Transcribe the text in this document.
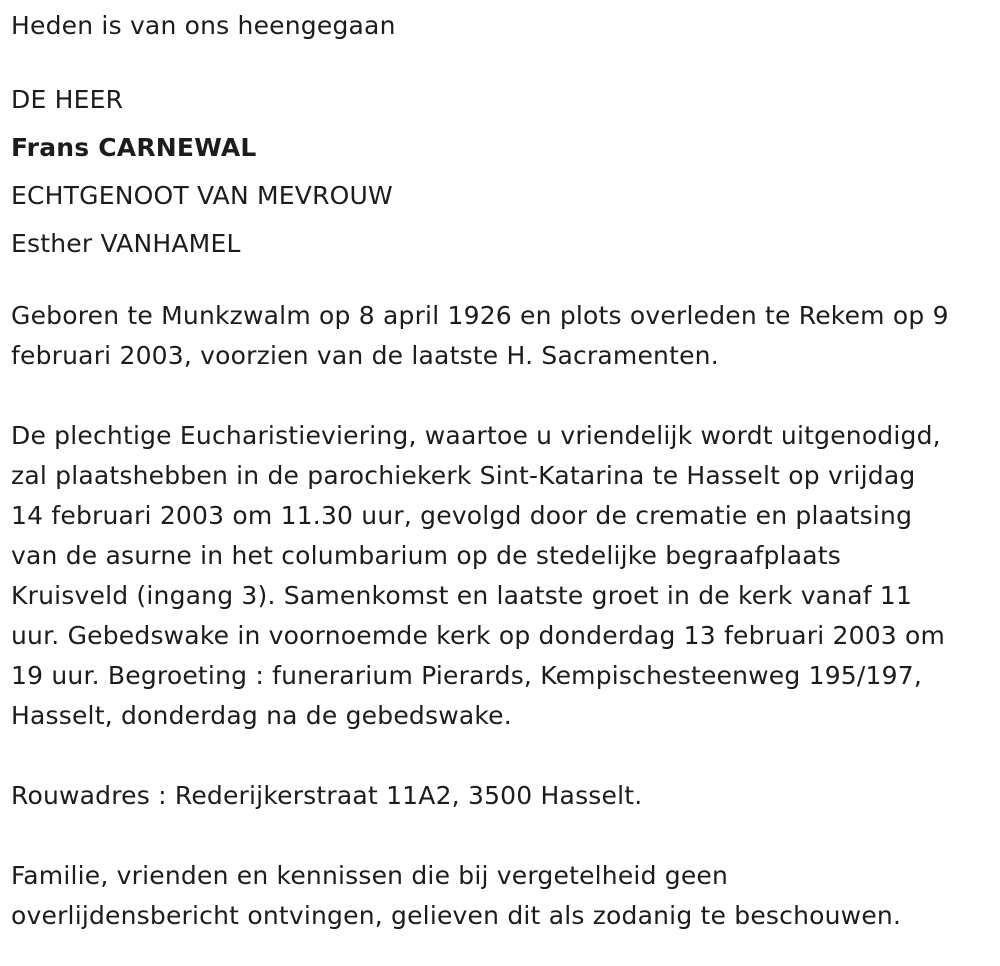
Heden is van ons heengegaan
DE HEER
Frans CARNEWAL
ECHTGENOOT VAN MEVROUW
Esther VANHAMEL
Geboren te Munkzwalm op 8 april 1926 en plots overleden te Rekem op 9
februari 2003, voorzien van de laatste H. Sacramenten.
De plechtige Eucharistieviering, waartoe u vriendelijk wordt uitgenodigd,
zal plaatshebben in de parochiekerk Sint-Katarina te Hasselt op vrijdag
14 februari 2003 om 11.30 uur, gevolgd door de crematie en plaatsing
van de asurne in het columbarium op de stedelijke begraafplaats
Kruisveld (ingang 3). Samenkomst en laatste groet in de kerk vanaf 11
uur. Gebedswake in voornoemde kerk op donderdag 13 februari 2003 om
19 uur. Begroeting : funerarium Pierards, Kempischesteenweg 195/197,
Hasselt, donderdag na de gebedswake.
Rouwadres : Rederijkerstraat 11A2, 3500 Hasselt.
Familie, vrienden en kennissen die bij vergetelheid geen
overlijdensbericht ontvingen, gelieven dit als zodanig te beschouwen.
